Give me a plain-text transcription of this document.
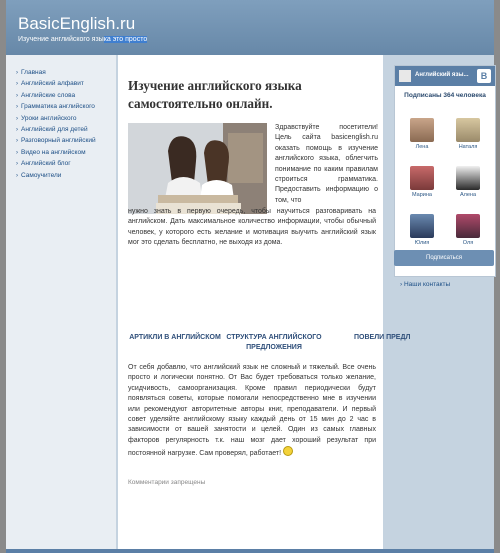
BasicEnglish.ru
Изучение английского языка это просто
› Главная
› Английский алфавит
› Английские слова
› Грамматика английского
› Уроки английского
› Английский для детей
› Разговорный английский
› Видео на английском
› Английский блог
› Самоучители
Изучение английского языка самостоятельно онлайн.
Здравствуйте посетители! Цель сайта basicenglish.ru оказать помощь в изучение английского языка, облегчить понимание по каким правилам строиться грамматика. Предоставить информацию о том, что
нужно знать в первую очередь, чтобы научиться разговаривать на английском. Дать максимальное количество информации, чтобы обычный человек, у которого есть желание и мотивация выучить английский язык мог это сделать бесплатно, не выходя из дома.
АРТИКЛИ В АНГЛИЙСКОМ СТРУКТУРА АНГЛИЙСКОГО ПРЕДЛОЖЕНИЯ
ПОВЕЛИ ПРЕДЛ
От себя добавлю, что английский язык не сложный и тяжелый. Все очень просто и логически понятно. От Вас будет требоваться только желание, усидчивость, самоорганизация. Кроме правил периодически будут появляться советы, которые помогали непосредственно мне в изучении или рекомендуют авторитетные авторы книг, преподаватели. И первый совет уделяйте английскому языку каждый день от 15 мин до 2 час в зависимости от вашей занятости и целей. Один из самых главных факторов регулярность т.к. наш мозг дает хороший результат при постоянной нагрузке. Сам проверял, работает!
Комментарии запрещены
Английский язы...	B
Подписаны 364 человека
Лена	Наталя
Марина	Алена
Юлия	Оля
Подписаться
› Наши контакты
